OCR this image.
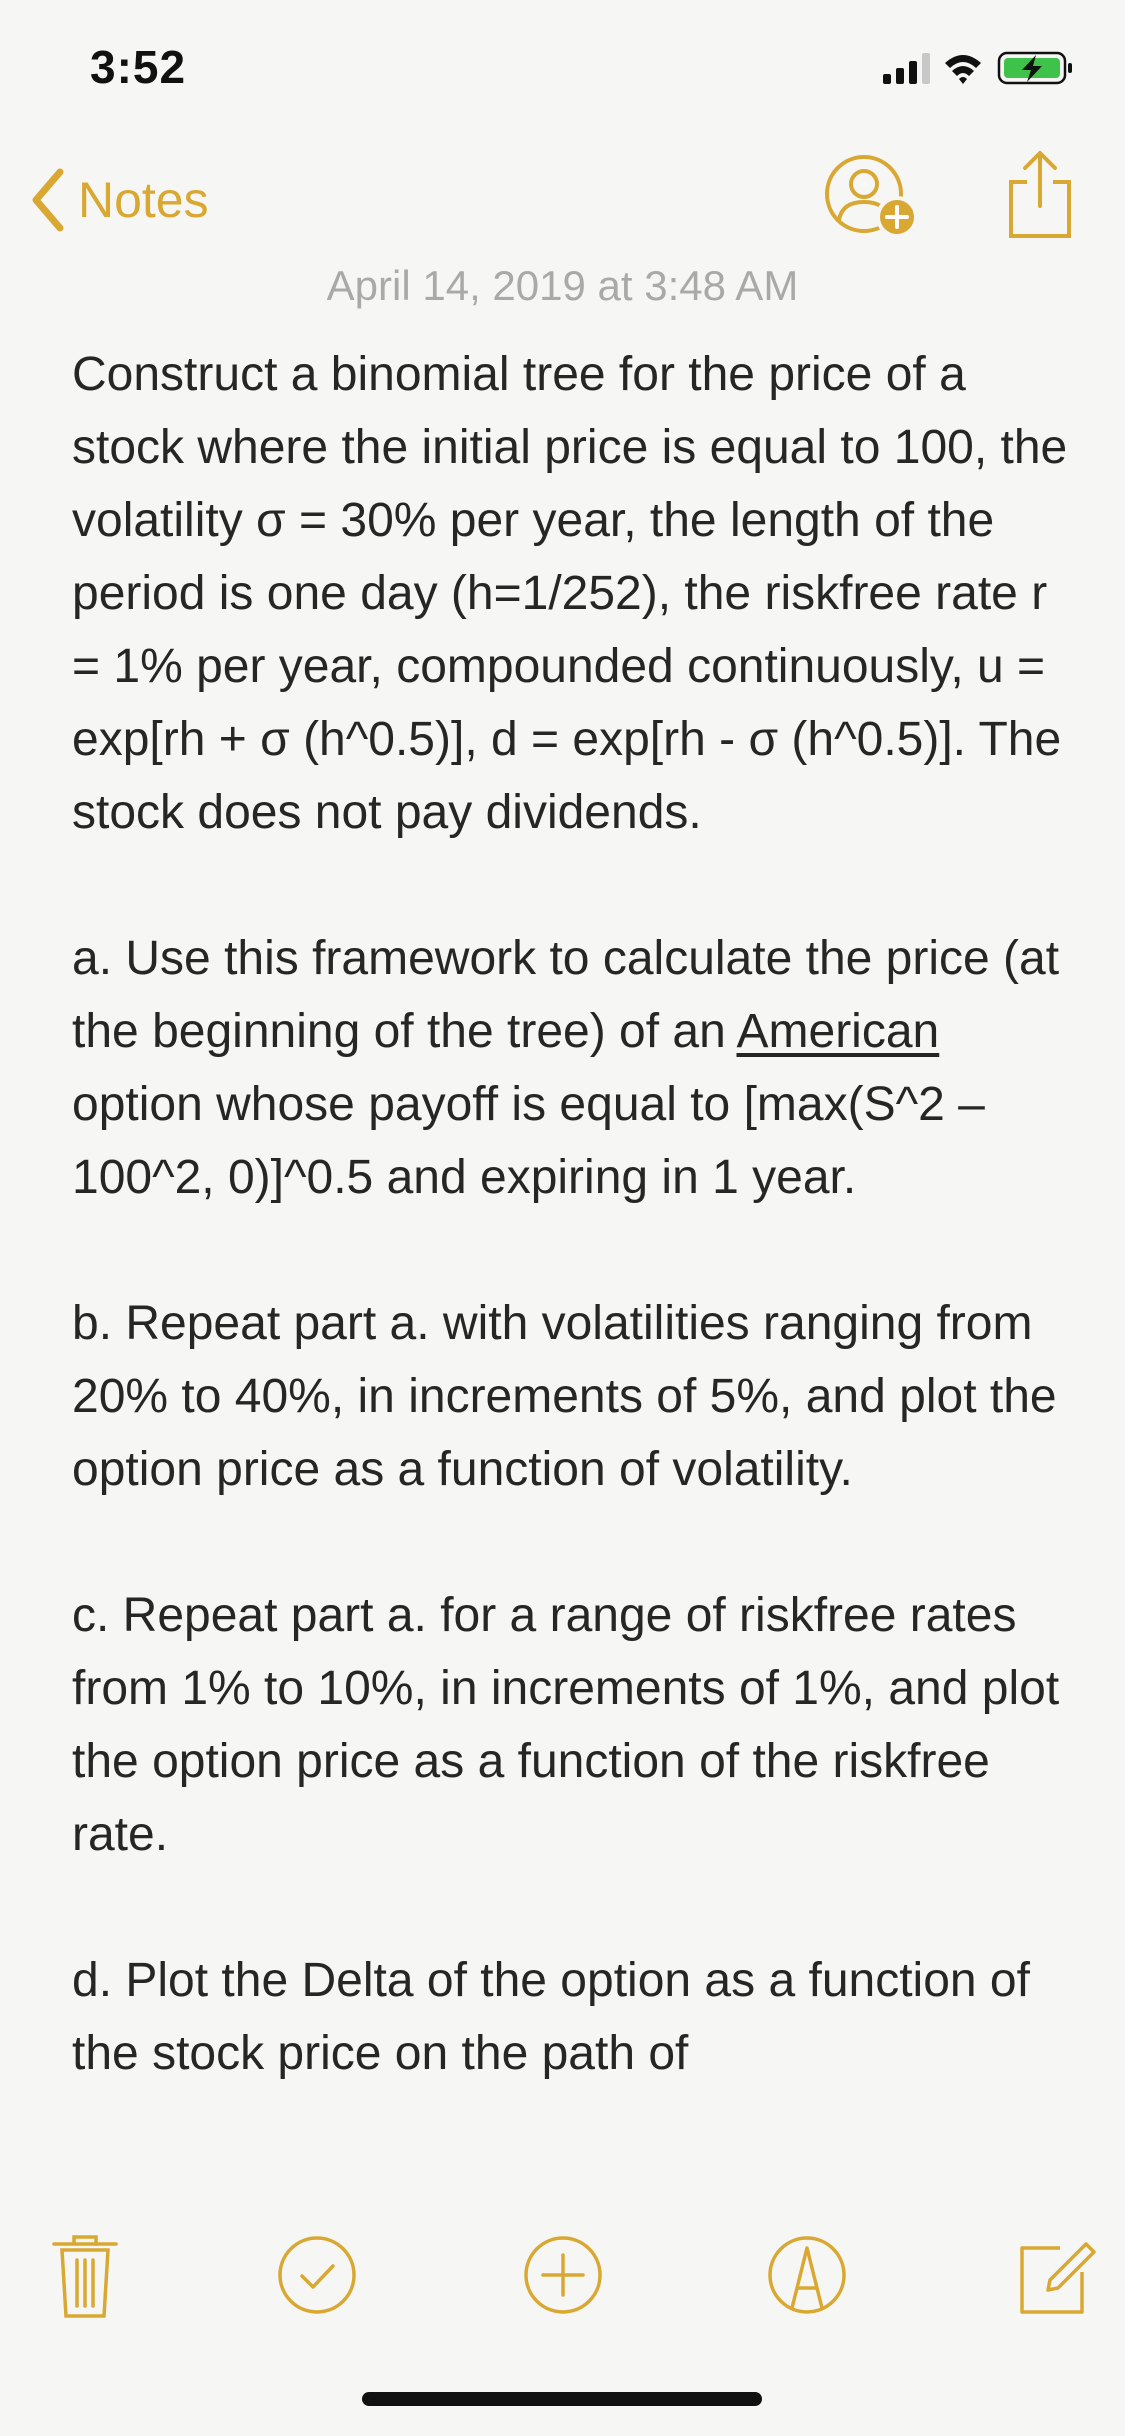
3:52
Notes
April 14, 2019 at 3:48 AM

Construct a binomial tree for the price of a stock where the initial price is equal to 100, the volatility σ = 30% per year, the length of the period is one day (h=1/252), the riskfree rate r = 1% per year, compounded continuously, u = exp[rh + σ (h^0.5)], d = exp[rh - σ (h^0.5)]. The stock does not pay dividends.

a. Use this framework to calculate the price (at the beginning of the tree) of an American option whose payoff is equal to [max(S^2 – 100^2, 0)]^0.5 and expiring in 1 year.

b. Repeat part a. with volatilities ranging from 20% to 40%, in increments of 5%, and plot the option price as a function of volatility.

c. Repeat part a. for a range of riskfree rates from 1% to 10%, in increments of 1%, and plot the option price as a function of the riskfree rate.

d. Plot the Delta of the option as a function of the stock price on the path of
